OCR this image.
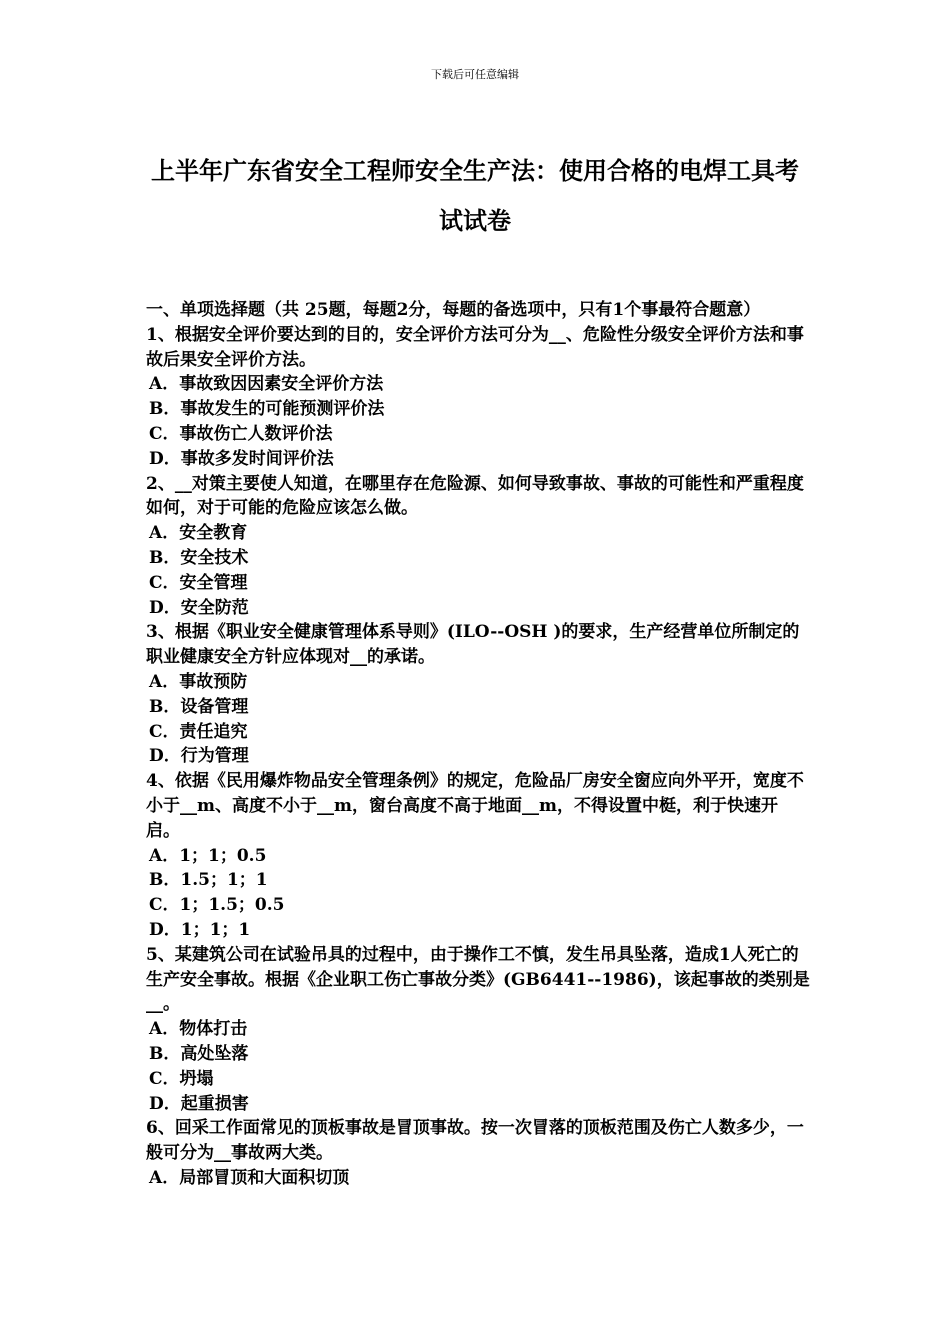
下载后可任意编辑
上半年广东省安全工程师安全生产法：使用合格的电焊工具考试试卷

一、单项选择题（共 25题，每题2分，每题的备选项中，只有1个事最符合题意）

1、根据安全评价要达到的目的，安全评价方法可分为__、危险性分级安全评价方法和事故后果安全评价方法。

A．事故致因因素安全评价方法

B．事故发生的可能预测评价法

C．事故伤亡人数评价法

D．事故多发时间评价法

2、__对策主要使人知道，在哪里存在危险源、如何导致事故、事故的可能性和严重程度如何，对于可能的危险应该怎么做。

A．安全教育

B．安全技术

C．安全管理

D．安全防范

3、根据《职业安全健康管理体系导则》(ILO--OSH )的要求，生产经营单位所制定的职业健康安全方针应体现对__的承诺。

A．事故预防

B．设备管理

C．责任追究

D．行为管理

4、依据《民用爆炸物品安全管理条例》的规定，危险品厂房安全窗应向外平开，宽度不小于__m、高度不小于__m，窗台高度不高于地面__m，不得设置中梃，利于快速开启。

A．1；1；0.5

B．1.5；1；1

C．1；1.5；0.5

D．1；1；1

5、某建筑公司在试验吊具的过程中，由于操作工不慎，发生吊具坠落，造成1人死亡的生产安全事故。根据《企业职工伤亡事故分类》(GB6441--1986)，该起事故的类别是__。

A．物体打击

B．高处坠落

C．坍塌

D．起重损害

6、回采工作面常见的顶板事故是冒顶事故。按一次冒落的顶板范围及伤亡人数多少，一般可分为__事故两大类。

A．局部冒顶和大面积切顶
